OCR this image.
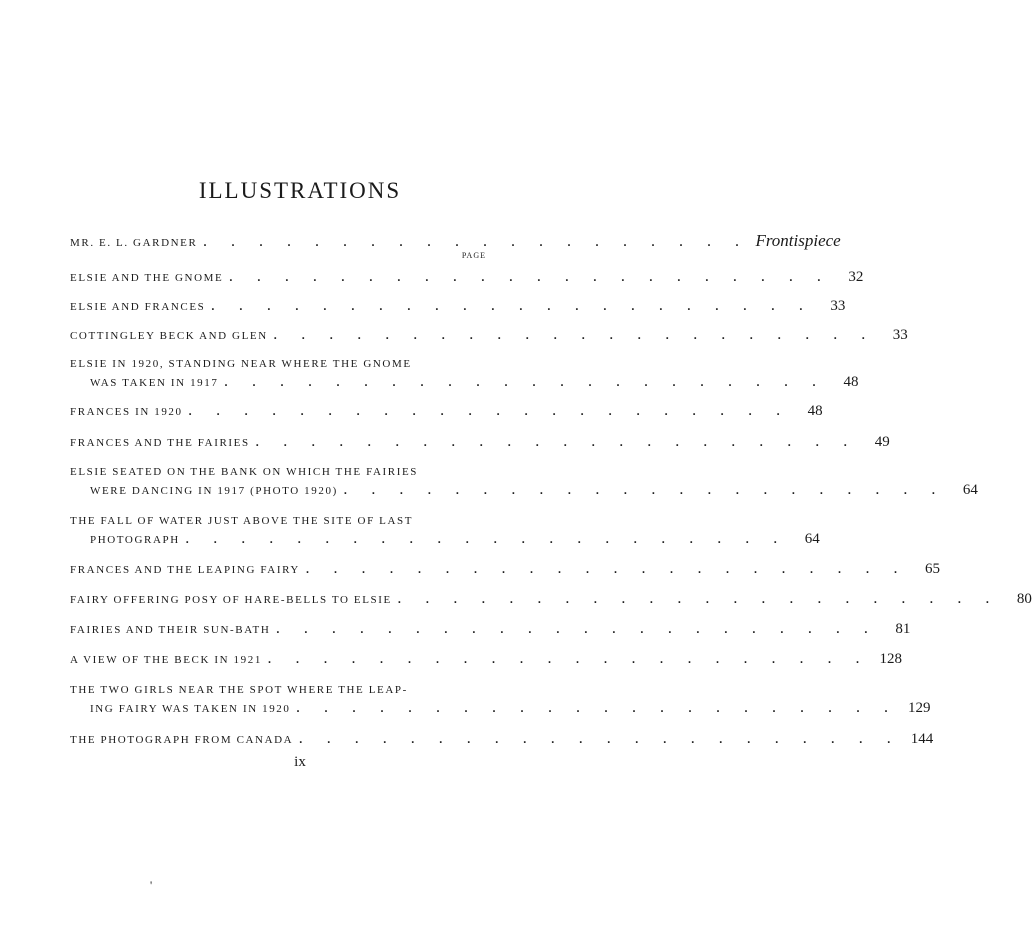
ILLUSTRATIONS
MR. E. L. GARDNER . . . . . . . . . . . . . . . . . . . . Frontispiece
PAGE
ELSIE AND THE GNOME . . . . . . . . . . . . . . . . . . . . . .	32
ELSIE AND FRANCES . . . . . . . . . . . . . . . . . . . . . .	33
COTTINGLEY BECK AND GLEN . . . . . . . . . . . . . . . . . . . . . .	33
ELSIE IN 1920, STANDING NEAR WHERE THE GNOME
WAS TAKEN IN 1917 . . . . . . . . . . . . . . . . . . . . . .	48
FRANCES IN 1920 . . . . . . . . . . . . . . . . . . . . . .	48
FRANCES AND THE FAIRIES . . . . . . . . . . . . . . . . . . . . . .	49
ELSIE SEATED ON THE BANK ON WHICH THE FAIRIES
WERE DANCING IN 1917 (PHOTO 1920) . . . . . . . . . . . . . . . . . . . . . .	64
THE FALL OF WATER JUST ABOVE THE SITE OF LAST
PHOTOGRAPH . . . . . . . . . . . . . . . . . . . . . .	64
FRANCES AND THE LEAPING FAIRY . . . . . . . . . . . . . . . . . . . . . .	65
FAIRY OFFERING POSY OF HARE-BELLS TO ELSIE . . . . . . . . . . . . . . . . . . . . . .	80
FAIRIES AND THEIR SUN-BATH . . . . . . . . . . . . . . . . . . . . . .	81
A VIEW OF THE BECK IN 1921 . . . . . . . . . . . . . . . . . . . . . . 128
THE TWO GIRLS NEAR THE SPOT WHERE THE LEAP-
ING FAIRY WAS TAKEN IN 1920 . . . . . . . . . . . . . . . . . . . . . . 129
THE PHOTOGRAPH FROM CANADA . . . . . . . . . . . . . . . . . . . . . . 144
ix
'
